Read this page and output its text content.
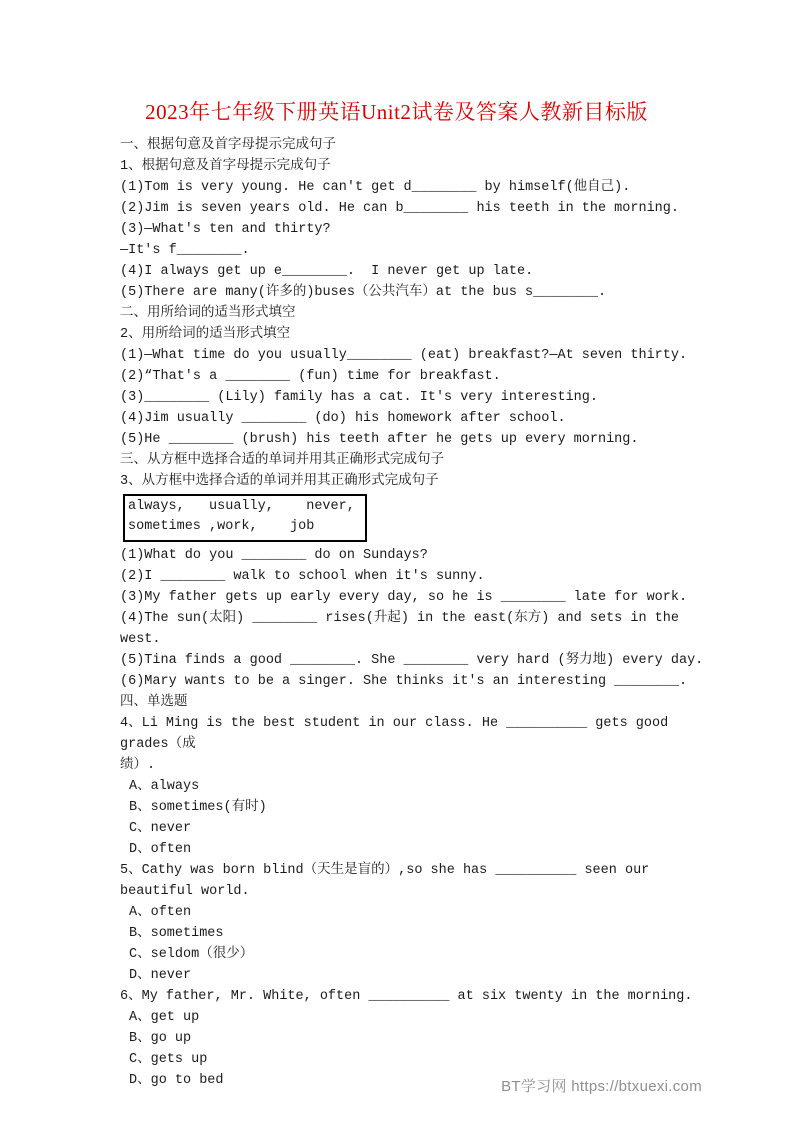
2023年七年级下册英语Unit2试卷及答案人教新目标版
一、根据句意及首字母提示完成句子
1、根据句意及首字母提示完成句子
(1)Tom is very young. He can't get d________ by himself(他自己).
(2)Jim is seven years old. He can b________ his teeth in the morning.
(3)—What's ten and thirty?
—It's f________.
(4)I always get up e________.  I never get up late.
(5)There are many(许多的)buses（公共汽车）at the bus s________.
二、用所给词的适当形式填空
2、用所给词的适当形式填空
(1)—What time do you usually________ (eat) breakfast?—At seven thirty.
(2)“That's a ________ (fun) time for breakfast.
(3)________ (Lily) family has a cat. It's very interesting.
(4)Jim usually ________ (do) his homework after school.
(5)He ________ (brush) his teeth after he gets up every morning.
三、从方框中选择合适的单词并用其正确形式完成句子
3、从方框中选择合适的单词并用其正确形式完成句子
always,   usually,    never,
sometimes ,work,    job
(1)What do you ________ do on Sundays?
(2)I ________ walk to school when it's sunny.
(3)My father gets up early every day, so he is ________ late for work.
(4)The sun(太阳) ________ rises(升起) in the east(东方) and sets in the west.
(5)Tina finds a good ________. She ________ very hard (努力地) every day.
(6)Mary wants to be a singer. She thinks it's an interesting ________.
四、单选题
4、Li Ming is the best student in our class. He __________ gets good grades（成
绩）.
A、always
B、sometimes(有时)
C、never
D、often
5、Cathy was born blind（天生是盲的）,so she has __________ seen our beautiful world.
A、often
B、sometimes
C、seldom（很少）
D、never
6、My father, Mr. White, often __________ at six twenty in the morning.
A、get up
B、go up
C、gets up
D、go to bed	BT学习网 https://btxuexi.com
